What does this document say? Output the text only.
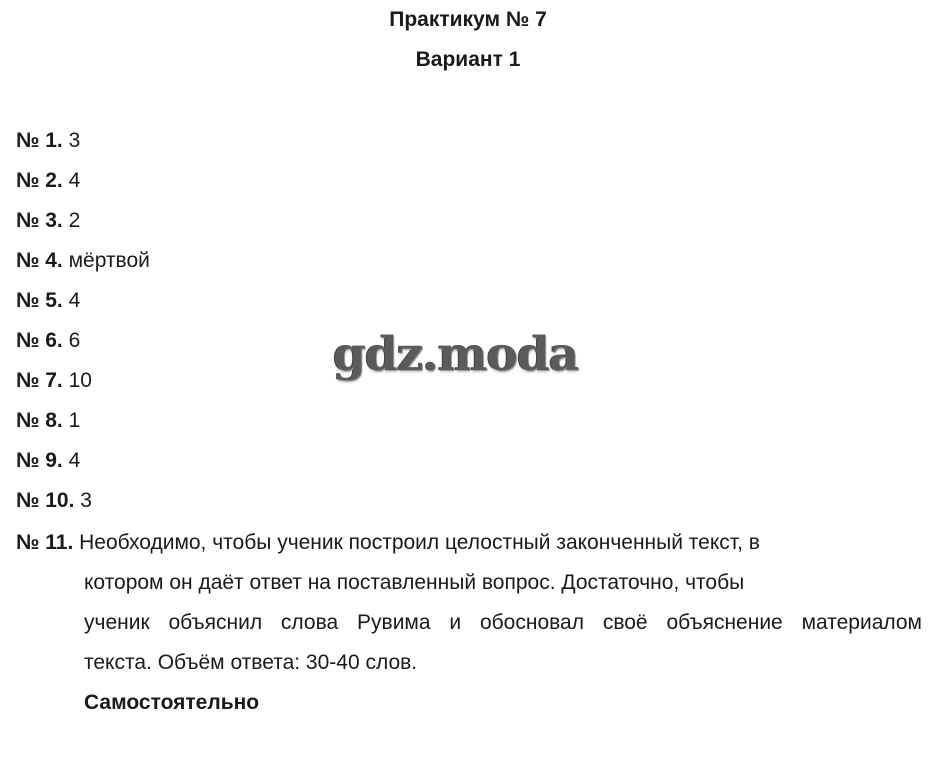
Практикум № 7
Вариант 1
№ 1. 3
№ 2. 4
№ 3. 2
№ 4. мёртвой
№ 5. 4
№ 6. 6
№ 7. 10
№ 8. 1
№ 9. 4
№ 10. 3
№ 11. Необходимо, чтобы ученик построил целостный законченный текст, в
котором он даёт ответ на поставленный вопрос. Достаточно, чтобы
ученик объяснил слова Рувима и обосновал своё объяснение материалом
текста. Объём ответа: 30-40 слов.
Самостоятельно
gdz.moda
